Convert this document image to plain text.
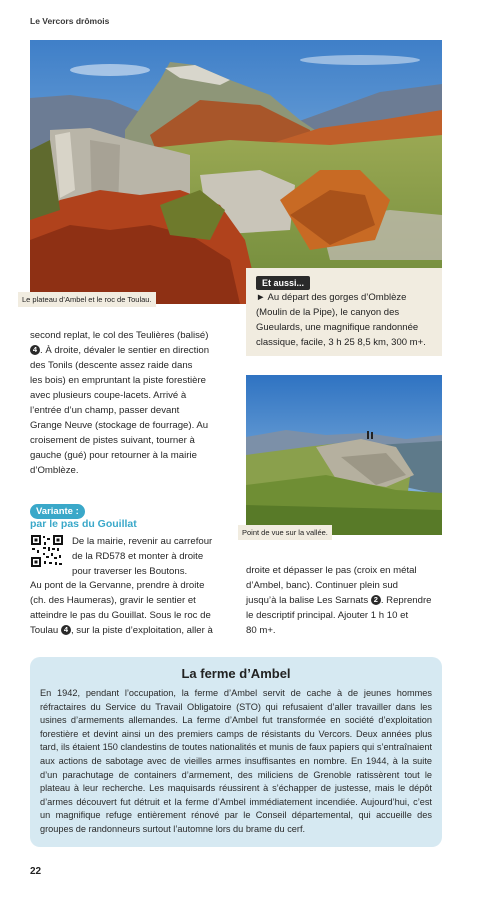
Le Vercors drômois
Le plateau d’Ambel et le roc de Toulau.
Et aussi...
► Au départ des gorges d’Omblèze (Moulin de la Pipe), le canyon des Gueulards, une magnifique randonnée classique, facile, 3 h 25 8,5 km, 300 m+.
second replat, le col des Teulières (balisé)
4 . À droite, dévaler le sentier en direction
des Tonils (descente assez raide dans
les bois) en empruntant la piste forestière
avec plusieurs coupe-lacets. Arrivé à
l’entrée d’un champ, passer devant
Grange Neuve (stockage de fourrage). Au
croisement de pistes suivant, tourner à
gauche (gué) pour retourner à la mairie
d’Omblèze.
Point de vue sur la vallée.
Variante :
par le pas du Gouillat
De la mairie, revenir au carrefour
de la RD578 et monter à droite
pour traverser les Boutons.
Au pont de la Gervanne, prendre à droite
(ch. des Haumeras), gravir le sentier et
atteindre le pas du Gouillat. Sous le roc de
Toulau 4 , sur la piste d’exploitation, aller à
droite et dépasser le pas (croix en métal
d’Ambel, banc). Continuer plein sud
jusqu’à la balise Les Sarnats 2 . Reprendre
le descriptif principal. Ajouter 1 h 10 et
80 m+.
La ferme d’Ambel
En 1942, pendant l’occupation, la ferme d’Ambel servit de cache à de jeunes hommes réfractaires du Service du Travail Obligatoire (STO) qui refusaient d’aller travailler dans les usines d’armements allemandes. La ferme d’Ambel fut transformée en société d’exploitation forestière et devint ainsi un des premiers camps de résistants du Vercors. Deux années plus tard, ils étaient 150 clandestins de toutes nationalités et munis de faux papiers qui s’entraînaient aux actions de sabotage avec de vieilles armes insuffisantes en nombre. En 1944, à la suite d’un parachutage de containers d’armement, des miliciens de Grenoble ratissèrent tout le plateau à leur recherche. Les maquisards réussirent à s’échapper de justesse, mais le dépôt d’armes découvert fut détruit et la ferme d’Ambel immédiatement incendiée. Aujourd’hui, c’est un magnifique refuge entièrement rénové par le Conseil départemental, qui accueille des groupes de randonneurs surtout l’automne lors du brame du cerf.
22
